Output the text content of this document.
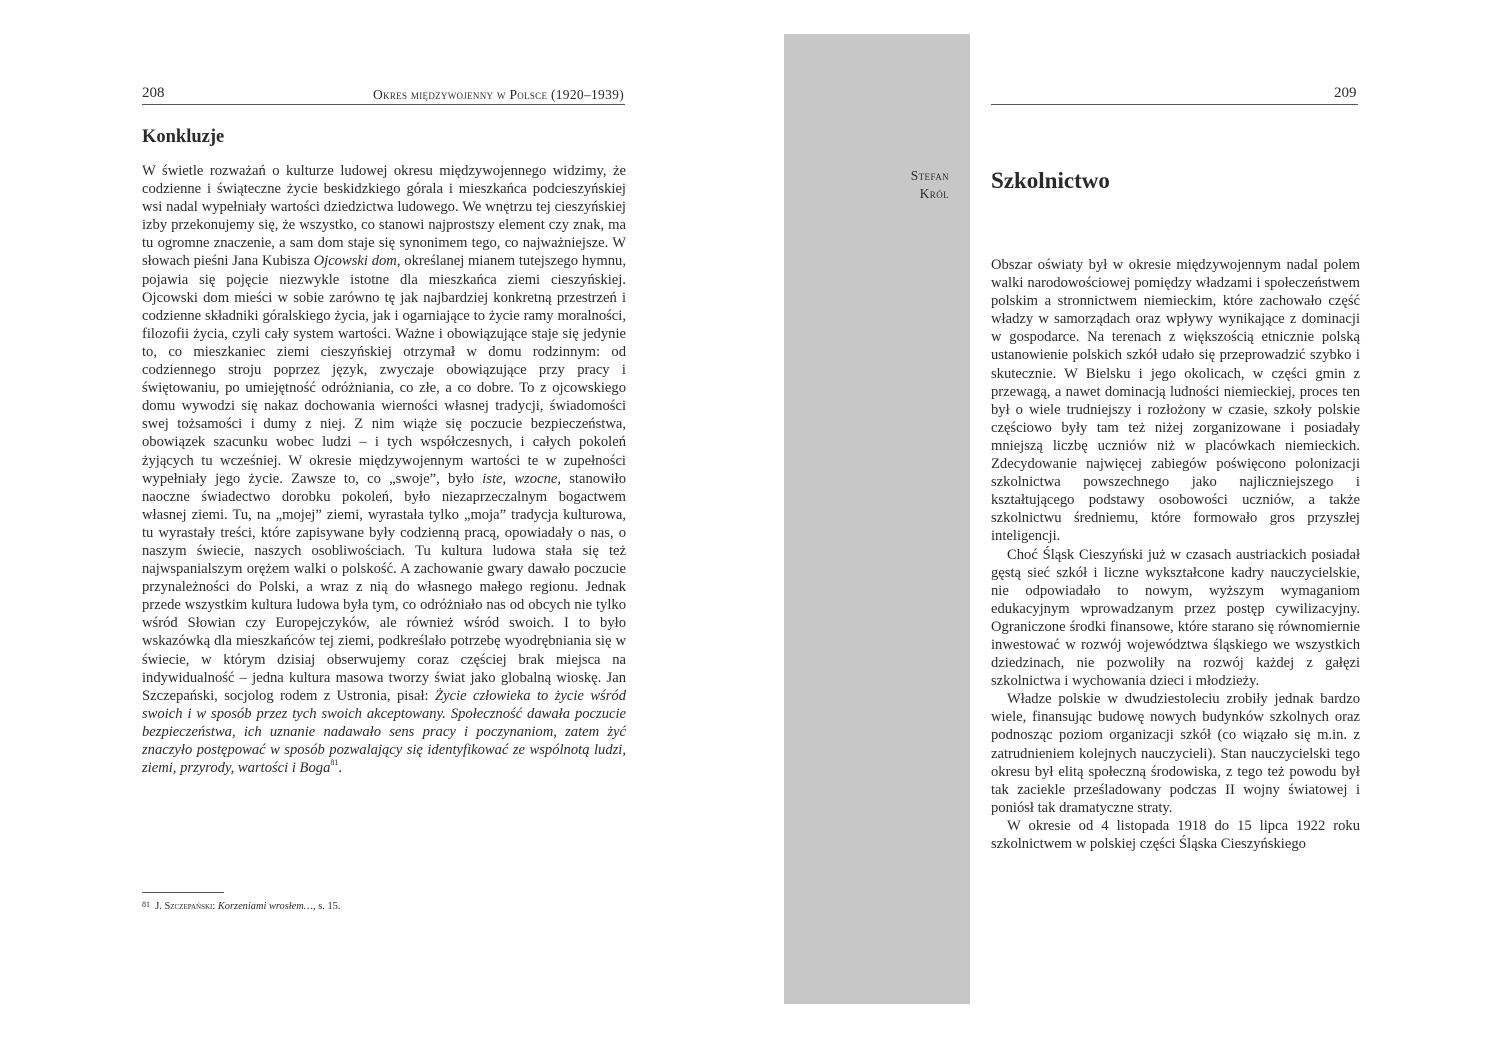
208	Okres międzywojenny w Polsce (1920–1939)
Konkluzje

W świetle rozważań o kulturze ludowej okresu międzywojennego widzimy, że codzienne i świąteczne życie beskidzkiego górala i mieszkańca podcieszyńskiej wsi nadal wypełniały wartości dziedzictwa ludowego. We wnętrzu tej cieszyńskiej izby przekonujemy się, że wszystko, co stanowi najprostszy element czy znak, ma tu ogromne znaczenie, a sam dom staje się synonimem tego, co najważniejsze. W słowach pieśni Jana Kubisza Ojcowski dom, określanej mianem tutejszego hymnu, pojawia się pojęcie niezwykle istotne dla mieszkańca ziemi cieszyńskiej. Ojcowski dom mieści w sobie zarówno tę jak najbardziej konkretną przestrzeń i codzienne składniki góralskiego życia, jak i ogarniające to życie ramy moralności, filozofii życia, czyli cały system wartości. Ważne i obowiązujące staje się jedynie to, co mieszkaniec ziemi cieszyńskiej otrzymał w domu rodzinnym: od codziennego stroju poprzez język, zwyczaje obowiązujące przy pracy i świętowaniu, po umiejętność odróżniania, co złe, a co dobre. To z ojcowskiego domu wywodzi się nakaz dochowania wierności własnej tradycji, świadomości swej tożsamości i dumy z niej. Z nim wiąże się poczucie bezpieczeństwa, obowiązek szacunku wobec ludzi – i tych współczesnych, i całych pokoleń żyjących tu wcześniej. W okresie międzywojennym wartości te w zupełności wypełniały jego życie. Zawsze to, co „swoje”, było iste, wzocne, stanowiło naoczne świadectwo dorobku pokoleń, było niezaprzeczalnym bogactwem własnej ziemi. Tu, na „mojej” ziemi, wyrastała tylko „moja” tradycja kulturowa, tu wyrastały treści, które zapisywane były codzienną pracą, opowiadały o nas, o naszym świecie, naszych osobliwościach. Tu kultura ludowa stała się też najwspanialszym orężem walki o polskość. A zachowanie gwary dawało poczucie przynależności do Polski, a wraz z nią do własnego małego regionu. Jednak przede wszystkim kultura ludowa była tym, co odróżniało nas od obcych nie tylko wśród Słowian czy Europejczyków, ale również wśród swoich. I to było wskazówką dla mieszkańców tej ziemi, podkreślało potrzebę wyodrębniania się w świecie, w którym dzisiaj obserwujemy coraz częściej brak miejsca na indywidualność – jedna kultura masowa tworzy świat jako globalną wioskę. Jan Szczepański, socjolog rodem z Ustronia, pisał: Życie człowieka to życie wśród swoich i w sposób przez tych swoich akceptowany. Społeczność dawała poczucie bezpieczeństwa, ich uznanie nadawało sens pracy i poczynaniom, zatem żyć znaczyło postępować w sposób pozwalający się identyfikować ze wspólnotą ludzi, ziemi, przyrody, wartości i Boga$^{81}$.

$^{81}$ J. Szczepański: Korzeniami wrosłem…, s. 15.
Stefan
Król
209
Szkolnictwo

Obszar oświaty był w okresie międzywojennym nadal polem walki narodowościowej pomiędzy władzami i społeczeństwem polskim a stronnictwem niemieckim, które zachowało część władzy w samorządach oraz wpływy wynikające z dominacji w gospodarce. Na terenach z większością etnicznie polską ustanowienie polskich szkół udało się przeprowadzić szybko i skutecznie. W Bielsku i jego okolicach, w części gmin z przewagą, a nawet dominacją ludności niemieckiej, proces ten był o wiele trudniejszy i rozłożony w czasie, szkoły polskie częściowo były tam też niżej zorganizowane i posiadały mniejszą liczbę uczniów niż w placówkach niemieckich. Zdecydowanie najwięcej zabiegów poświęcono polonizacji szkolnictwa powszechnego jako najliczniejszego i kształtującego podstawy osobowości uczniów, a także szkolnictwu średniemu, które formowało gros przyszłej inteligencji.

Choć Śląsk Cieszyński już w czasach austriackich posiadał gęstą sieć szkół i liczne wykształcone kadry nauczycielskie, nie odpowiadało to nowym, wyższym wymaganiom edukacyjnym wprowadzanym przez postęp cywilizacyjny. Ograniczone środki finansowe, które starano się równomiernie inwestować w rozwój województwa śląskiego we wszystkich dziedzinach, nie pozwoliły na rozwój każdej z gałęzi szkolnictwa i wychowania dzieci i młodzieży.

Władze polskie w dwudziestoleciu zrobiły jednak bardzo wiele, finansując budowę nowych budynków szkolnych oraz podnosząc poziom organizacji szkół (co wiązało się m.in. z zatrudnieniem kolejnych nauczycieli). Stan nauczycielski tego okresu był elitą społeczną środowiska, z tego też powodu był tak zaciekle prześladowany podczas II wojny światowej i poniósł tak dramatyczne straty.

W okresie od 4 listopada 1918 do 15 lipca 1922 roku szkolnictwem w polskiej części Śląska Cieszyńskiego
